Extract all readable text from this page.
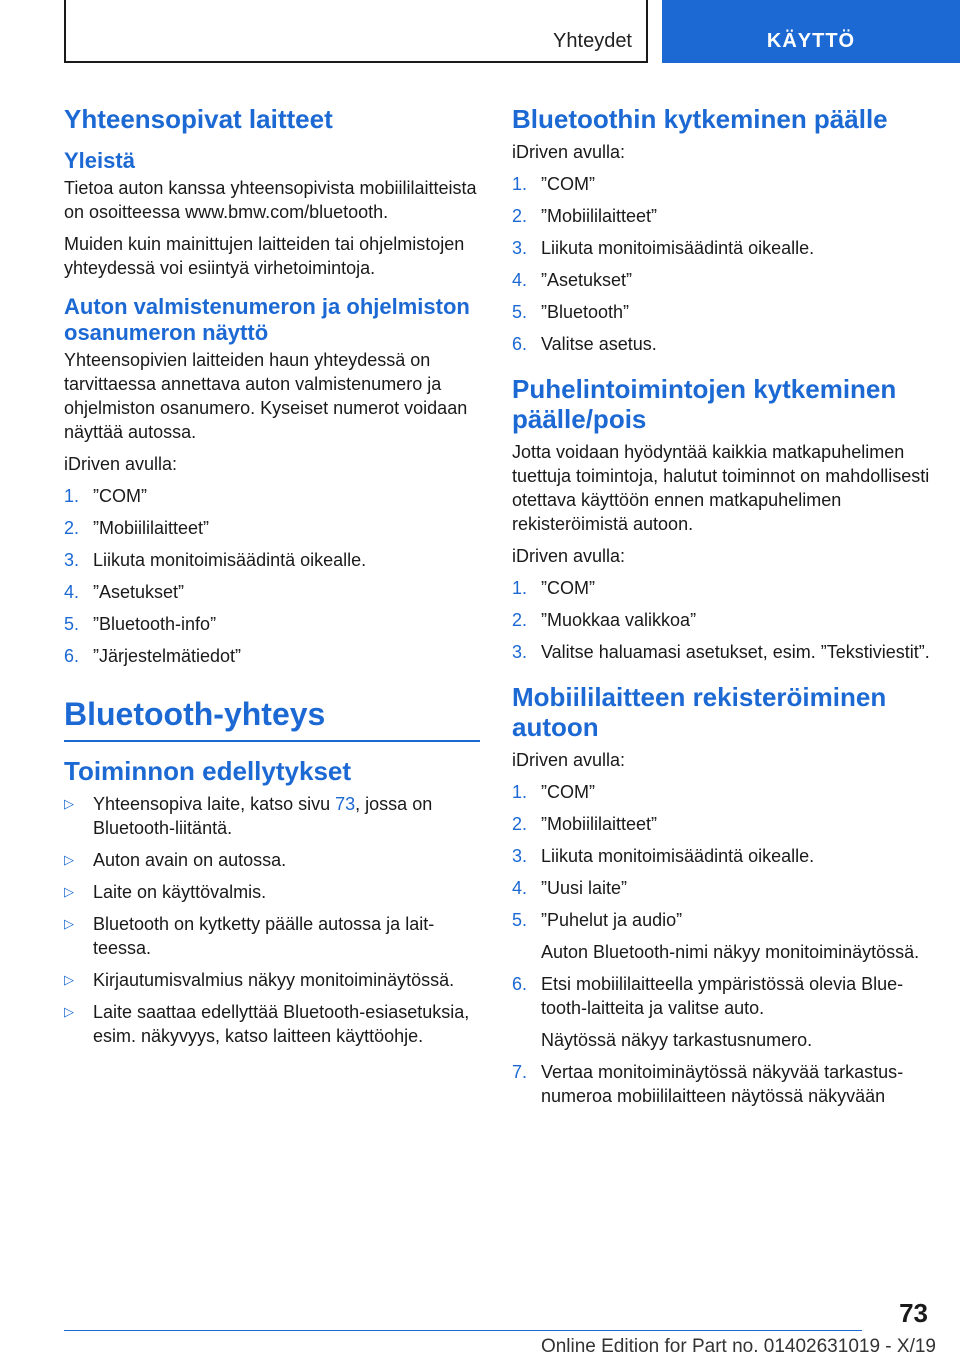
Yhteydet	KÄYTTÖ
Yhteensopivat laitteet
Yleistä

Tietoa auton kanssa yhteensopivista mobiililaitteista on osoitteessa www.bmw.com/bluetooth.

Muiden kuin mainittujen laitteiden tai ohjelmistojen yhteydessä voi esiintyä virhetoimintoja.

Auton valmistenumeron ja ohjelmiston osanumeron näyttö

Yhteensopivien laitteiden haun yhteydessä on tarvittaessa annettava auton valmistenumero ja ohjelmiston osanumero. Kyseiset numerot voidaan näyttää autossa.

iDriven avulla:

1. ”COM”
2. ”Mobiililaitteet”
3. Liikuta monitoimisäädintä oikealle.
4. ”Asetukset”
5. ”Bluetooth-info”
6. ”Järjestelmätiedot”
Bluetooth-yhteys
Toiminnon edellytykset
▷ Yhteensopiva laite, katso sivu 73, jossa on Bluetooth-liitäntä.
▷ Auton avain on autossa.
▷ Laite on käyttövalmis.
▷ Bluetooth on kytketty päälle autossa ja laitteessa.
▷ Kirjautumisvalmius näkyy monitoiminäytössä.
▷ Laite saattaa edellyttää Bluetooth-esiasetuksia, esim. näkyvyys, katso laitteen käyttöohje.
Bluetoothin kytkeminen päälle

iDriven avulla:

1. ”COM”
2. ”Mobiililaitteet”
3. Liikuta monitoimisäädintä oikealle.
4. ”Asetukset”
5. ”Bluetooth”
6. Valitse asetus.
Puhelintoimintojen kytkeminen päälle/pois

Jotta voidaan hyödyntää kaikkia matkapuhelimen tuettuja toimintoja, halutut toiminnot on mahdollisesti otettava käyttöön ennen matkapuhelimen rekisteröimistä autoon.

iDriven avulla:

1. ”COM”
2. ”Muokkaa valikkoa”
3. Valitse haluamasi asetukset, esim. ”Tekstiviestit”.
Mobiililaitteen rekisteröiminen autoon

iDriven avulla:

1. ”COM”
2. ”Mobiililaitteet”
3. Liikuta monitoimisäädintä oikealle.
4. ”Uusi laite”
5. ”Puhelut ja audio”
Auton Bluetooth-nimi näkyy monitoiminäytössä.
6. Etsi mobiililaitteella ympäristössä olevia Bluetooth-laitteita ja valitse auto.
Näytössä näkyy tarkastusnumero.
7. Vertaa monitoiminäytössä näkyvää tarkastusnumeroa mobiililaitteen näytössä näkyvään
73
Online Edition for Part no. 01402631019 - X/19
